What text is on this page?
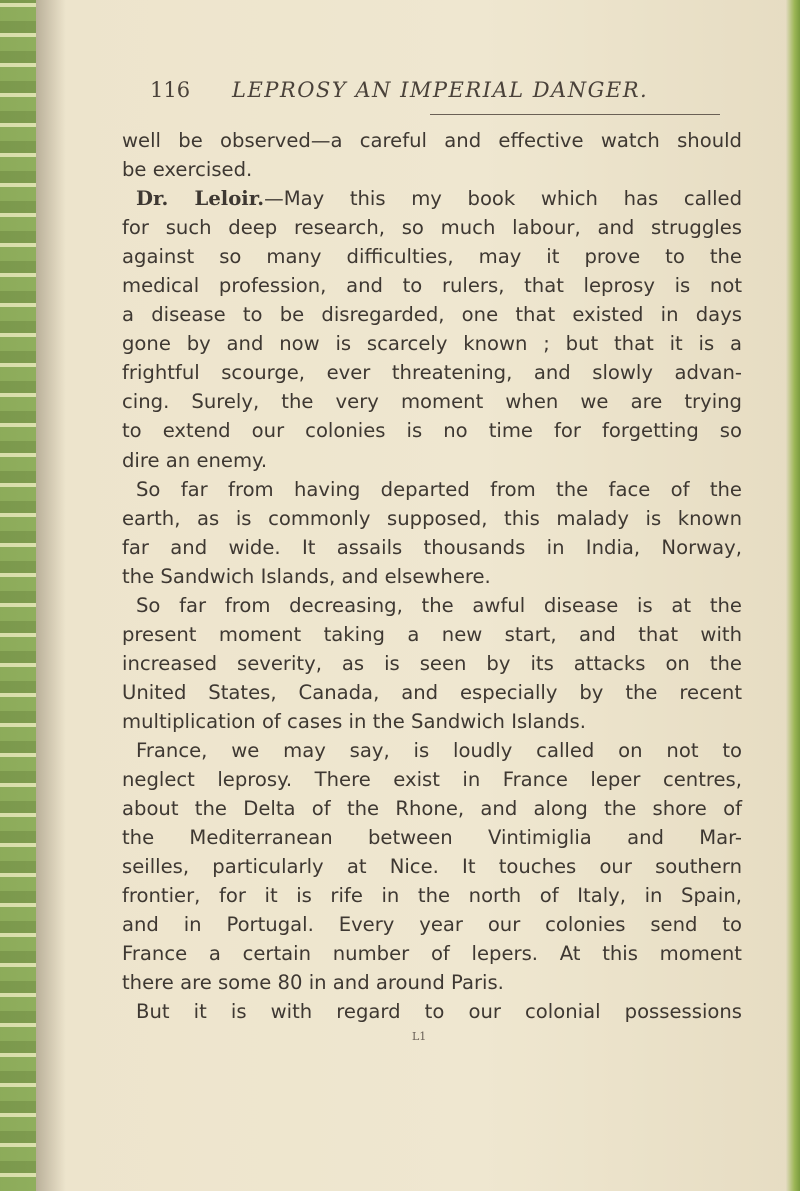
116 LEPROSY AN IMPERIAL DANGER.
well be observed—a careful and effective watch should
be exercised.
Dr. Leloir.—May this my book which has called
for such deep research, so much labour, and struggles
against so many difficulties, may it prove to the
medical profession, and to rulers, that leprosy is not
a disease to be disregarded, one that existed in days
gone by and now is scarcely known ; but that it is a
frightful scourge, ever threatening, and slowly advan-
cing. Surely, the very moment when we are trying
to extend our colonies is no time for forgetting so
dire an enemy.
So far from having departed from the face of the
earth, as is commonly supposed, this malady is known
far and wide. It assails thousands in India, Norway,
the Sandwich Islands, and elsewhere.
So far from decreasing, the awful disease is at the
present moment taking a new start, and that with
increased severity, as is seen by its attacks on the
United States, Canada, and especially by the recent
multiplication of cases in the Sandwich Islands.
France, we may say, is loudly called on not to
neglect leprosy. There exist in France leper centres,
about the Delta of the Rhone, and along the shore of
the Mediterranean between Vintimiglia and Mar-
seilles, particularly at Nice. It touches our southern
frontier, for it is rife in the north of Italy, in Spain,
and in Portugal. Every year our colonies send to
France a certain number of lepers. At this moment
there are some 80 in and around Paris.
But it is with regard to our colonial possessions
L1
